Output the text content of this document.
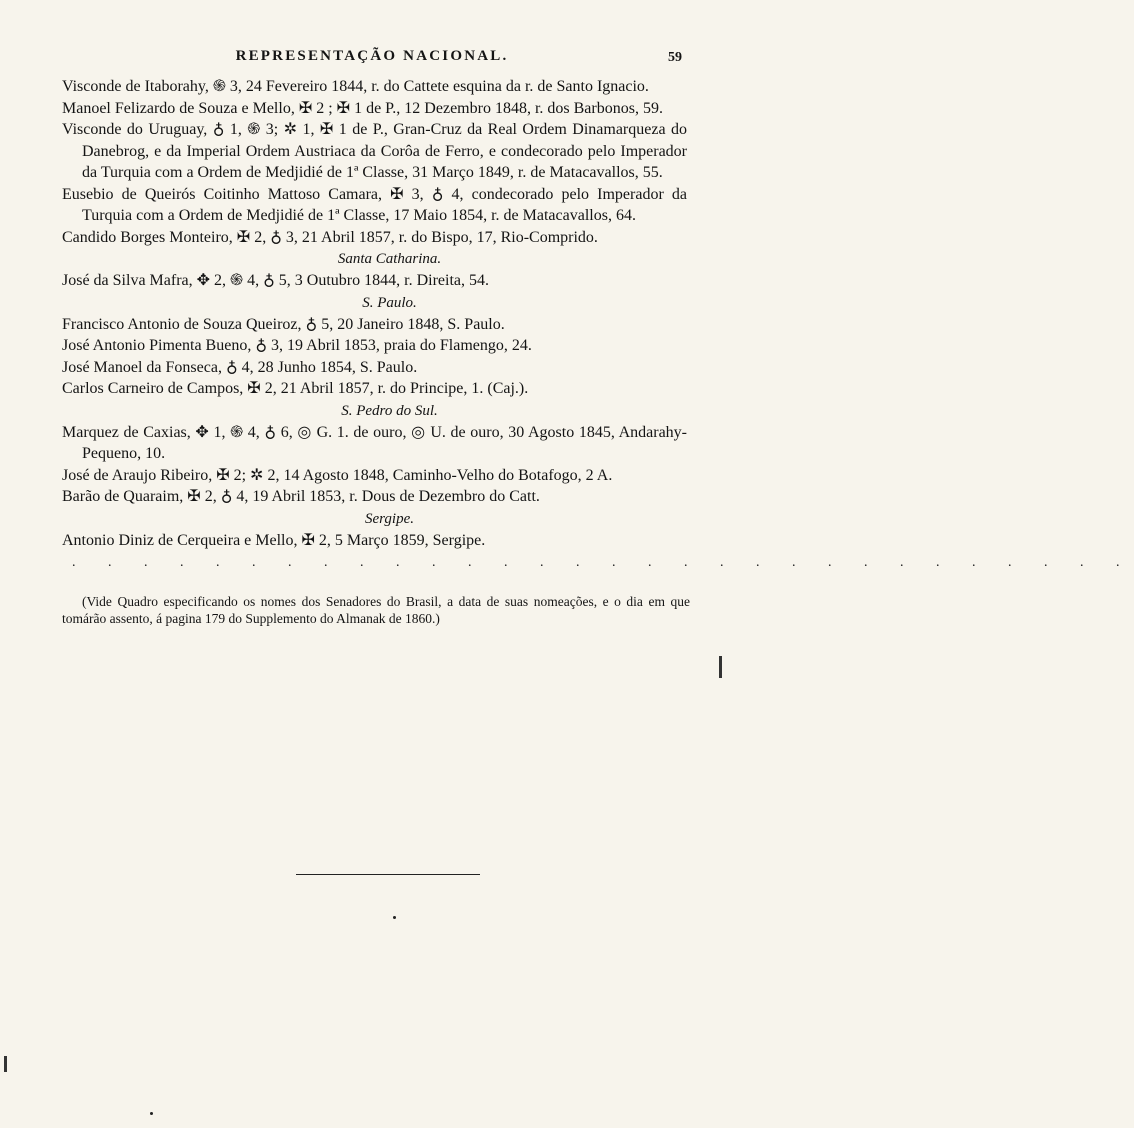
REPRESENTAÇÃO NACIONAL.	59
Visconde de Itaborahy, ֍ 3, 24 Fevereiro 1844, r. do Cattete esquina da r. de Santo Ignacio.
Manoel Felizardo de Souza e Mello, ✠ 2 ; ✠ 1 de P., 12 Dezembro 1848, r. dos Barbonos, 59.
Visconde do Uruguay, ♁ 1, ֍ 3; ✲ 1, ✠ 1 de P., Gran-Cruz da Real Ordem Dinamarqueza do Danebrog, e da Imperial Ordem Austriaca da Corôa de Ferro, e condecorado pelo Imperador da Turquia com a Ordem de Medjidié de 1ª Classe, 31 Março 1849, r. de Matacavallos, 55.
Eusebio de Queirós Coitinho Mattoso Camara, ✠ 3, ♁ 4, condecorado pelo Imperador da Turquia com a Ordem de Medjidié de 1ª Classe, 17 Maio 1854, r. de Matacavallos, 64.
Candido Borges Monteiro, ✠ 2, ♁ 3, 21 Abril 1857, r. do Bispo, 17, Rio-Comprido.
Santa Catharina.
José da Silva Mafra, ✥ 2, ֍ 4, ♁ 5, 3 Outubro 1844, r. Direita, 54.
S. Paulo.
Francisco Antonio de Souza Queiroz, ♁ 5, 20 Janeiro 1848, S. Paulo.
José Antonio Pimenta Bueno, ♁ 3, 19 Abril 1853, praia do Flamengo, 24.
José Manoel da Fonseca, ♁ 4, 28 Junho 1854, S. Paulo.
Carlos Carneiro de Campos, ✠ 2, 21 Abril 1857, r. do Principe, 1. (Caj.).
S. Pedro do Sul.
Marquez de Caxias, ✥ 1, ֍ 4, ♁ 6, ◎ G. 1. de ouro, ◎ U. de ouro, 30 Agosto 1845, Andarahy-Pequeno, 10.
José de Araujo Ribeiro, ✠ 2; ✲ 2, 14 Agosto 1848, Caminho-Velho do Botafogo, 2 A.
Barão de Quaraim, ✠ 2, ♁ 4, 19 Abril 1853, r. Dous de Dezembro do Catt.
Sergipe.
Antonio Diniz de Cerqueira e Mello, ✠ 2, 5 Março 1859, Sergipe.
. . . . . . . . . . . . . . . . . . . . . . . . . . . . . .
(Vide Quadro especificando os nomes dos Senadores do Brasil, a data de suas nomeações, e o dia em que tomárão assento, á pagina 179 do Supplemento do Almanak de 1860.)
